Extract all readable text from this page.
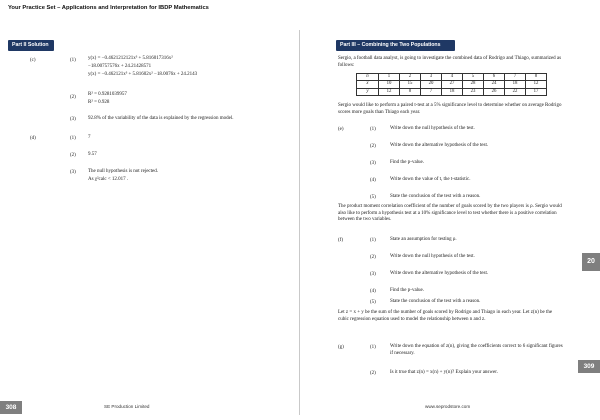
Your Practice Set – Applications and Interpretation for IBDP Mathematics
Part II Solution
(c)	(1) y(x) = −0.4621212121x³ + 5.816017316x²
−18.00757576x + 24.21428571
y(x) = −0.462121x³ + 5.81602x² −18.0076x + 24.2143
(2)
R² = 0.9281039957
R² = 0.928
(3) 92.8% of the variability of the data is explained by the regression model.
(d)	(1) 7
(2) 9.57
(3) The null hypothesis is not rejected.
As χ²calc < 12.017 .
308	SE Production Limited
Part III – Combining the Two Populations
Sergio, a football data analyst, is going to investigate the combined data of Rodrigo and Thiago, summarized as follows:
n	1	2	3	4	5	6	7	8
x	10	15	20	27	28	24	18	12
y	12	8	7	18	23	26	22	17
Sergio would like to perform a paired t-test at a 5% significance level to determine whether on average Rodrigo scores more goals than Thiago each year.
(e)	(1)	Write down the null hypothesis of the test.
(2)	Write down the alternative hypothesis of the test.
(3)	Find the p-value.
(4)	Write down the value of t, the t-statistic.
(5)	State the conclusion of the test with a reason.
The product moment correlation coefficient of the number of goals scored by the two players is ρ. Sergio would also like to perform a hypothesis test at a 10% significance level to test whether there is a positive correlation between the two variables.
(f)	(1)	State an assumption for testing ρ.
(2)	Write down the null hypothesis of the test.
(3)	Write down the alternative hypothesis of the test.
(4)	Find the p-value.
(5)	State the conclusion of the test with a reason.
Let z = x + y be the sum of the number of goals scored by Rodrigo and Thiago in each year. Let z(n) be the cubic regression equation used to model the relationship between n and z.
(g)	(1)	Write down the equation of z(n), giving the coefficients correct to 6 significant figures if necessary.
(2)	Is it true that z(n) = x(n) + y(n)? Explain your answer.
20
309
www.seprodstore.com
